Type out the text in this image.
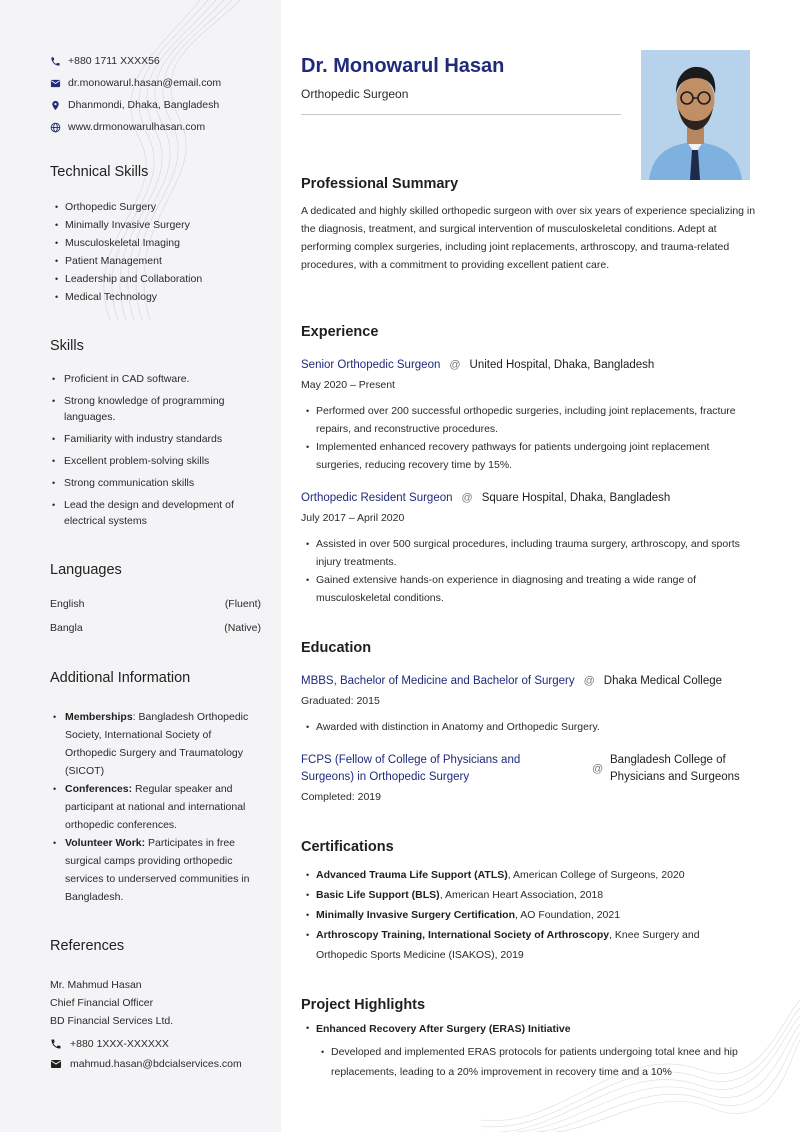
+880 1711 XXXX56
dr.monowarul.hasan@email.com
Dhanmondi, Dhaka, Bangladesh
www.drmonowarulhasan.com
Technical Skills
• Orthopedic Surgery
• Minimally Invasive Surgery
• Musculoskeletal Imaging
• Patient Management
• Leadership and Collaboration
• Medical Technology
Skills
• Proficient in CAD software.
• Strong knowledge of programming languages.
• Familiarity with industry standards
• Excellent problem-solving skills
• Strong communication skills
• Lead the design and development of electrical systems
Languages
English	(Fluent)
Bangla	(Native)
Additional Information
• Memberships: Bangladesh Orthopedic Society, International Society of Orthopedic Surgery and Traumatology (SICOT)
• Conferences: Regular speaker and participant at national and international orthopedic conferences.
• Volunteer Work: Participates in free surgical camps providing orthopedic services to underserved communities in Bangladesh.
References
Mr. Mahmud Hasan
Chief Financial Officer
BD Financial Services Ltd.
+880 1XXX-XXXXXX
mahmud.hasan@bdcialservices.com
Dr. Monowarul Hasan
Orthopedic Surgeon
Professional Summary

A dedicated and highly skilled orthopedic surgeon with over six years of experience specializing in the diagnosis, treatment, and surgical intervention of musculoskeletal conditions. Adept at performing complex surgeries, including joint replacements, arthroscopy, and trauma-related procedures, with a commitment to providing excellent patient care.

Experience
Senior Orthopedic Surgeon @ United Hospital, Dhaka, Bangladesh
May 2020 – Present
• Performed over 200 successful orthopedic surgeries, including joint replacements, fracture repairs, and reconstructive procedures.
• Implemented enhanced recovery pathways for patients undergoing joint replacement surgeries, reducing recovery time by 15%.
Orthopedic Resident Surgeon @ Square Hospital, Dhaka, Bangladesh
July 2017 – April 2020
• Assisted in over 500 surgical procedures, including trauma surgery, arthroscopy, and sports injury treatments.
• Gained extensive hands-on experience in diagnosing and treating a wide range of musculoskeletal conditions.
Education
MBBS, Bachelor of Medicine and Bachelor of Surgery @ Dhaka Medical College
Graduated: 2015
• Awarded with distinction in Anatomy and Orthopedic Surgery.
FCPS (Fellow of College of Physicians and Surgeons) in Orthopedic Surgery
@
Bangladesh College of Physicians and Surgeons
Completed: 2019
Certifications
• Advanced Trauma Life Support (ATLS), American College of Surgeons, 2020
• Basic Life Support (BLS), American Heart Association, 2018
• Minimally Invasive Surgery Certification, AO Foundation, 2021
• Arthroscopy Training, International Society of Arthroscopy, Knee Surgery and Orthopedic Sports Medicine (ISAKOS), 2019
Project Highlights
• Enhanced Recovery After Surgery (ERAS) Initiative
• Developed and implemented ERAS protocols for patients undergoing total knee and hip replacements, leading to a 20% improvement in recovery time and a 10%
